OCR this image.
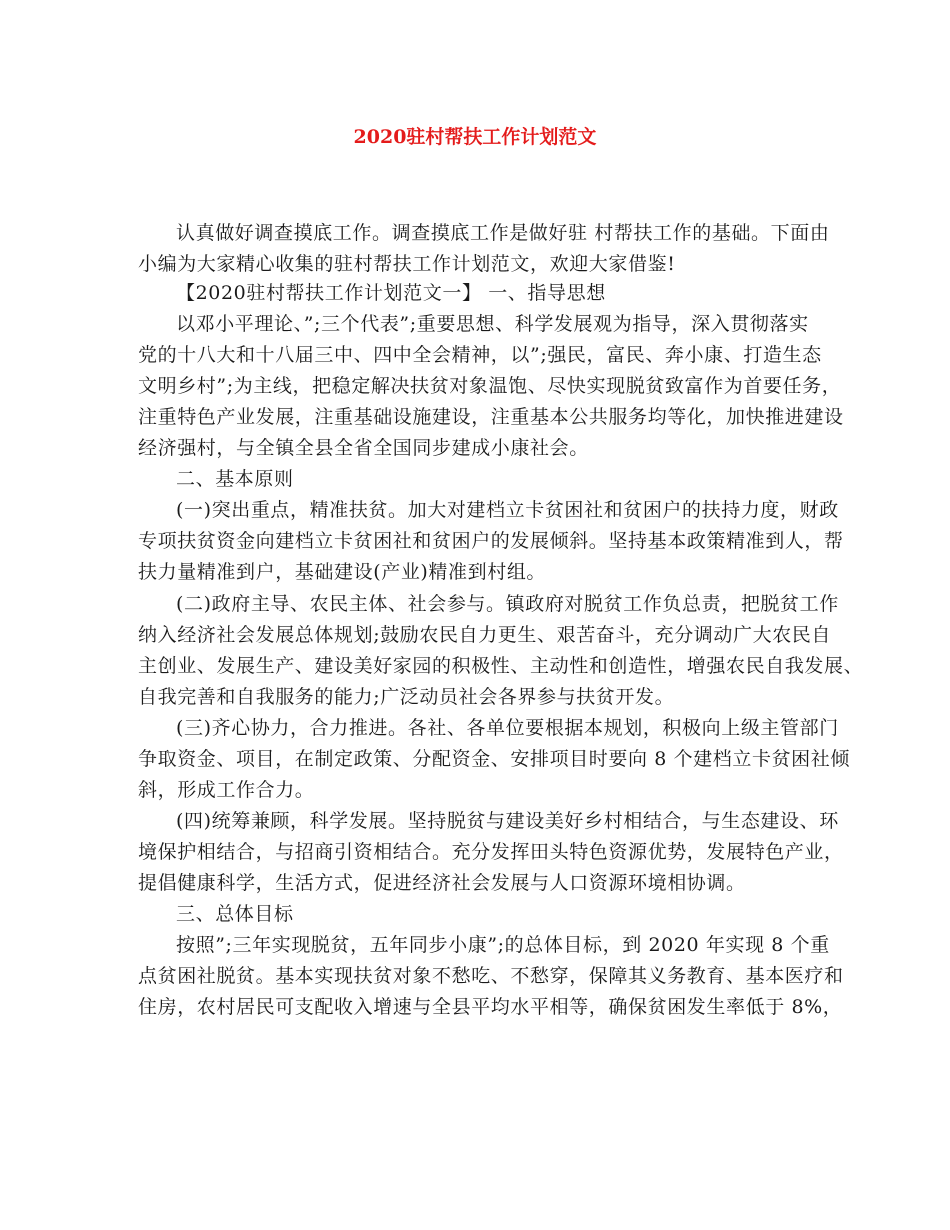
2020驻村帮扶工作计划范文
认真做好调查摸底工作。调查摸底工作是做好驻 村帮扶工作的基础。下面由
小编为大家精心收集的驻村帮扶工作计划范文，欢迎大家借鉴!
【2020驻村帮扶工作计划范文一】 一、指导思想
以邓小平理论、”;三个代表”;重要思想、科学发展观为指导，深入贯彻落实
党的十八大和十八届三中、四中全会精神，以”;强民，富民、奔小康、打造生态
文明乡村”;为主线，把稳定解决扶贫对象温饱、尽快实现脱贫致富作为首要任务，
注重特色产业发展，注重基础设施建设，注重基本公共服务均等化，加快推进建设
经济强村，与全镇全县全省全国同步建成小康社会。
二、基本原则
(一)突出重点，精准扶贫。加大对建档立卡贫困社和贫困户的扶持力度，财政
专项扶贫资金向建档立卡贫困社和贫困户的发展倾斜。坚持基本政策精准到人，帮
扶力量精准到户，基础建设(产业)精准到村组。
(二)政府主导、农民主体、社会参与。镇政府对脱贫工作负总责，把脱贫工作
纳入经济社会发展总体规划;鼓励农民自力更生、艰苦奋斗，充分调动广大农民自
主创业、发展生产、建设美好家园的积极性、主动性和创造性，增强农民自我发展、
自我完善和自我服务的能力;广泛动员社会各界参与扶贫开发。
(三)齐心协力，合力推进。各社、各单位要根据本规划，积极向上级主管部门
争取资金、项目，在制定政策、分配资金、安排项目时要向 8 个建档立卡贫困社倾
斜，形成工作合力。
(四)统筹兼顾，科学发展。坚持脱贫与建设美好乡村相结合，与生态建设、环
境保护相结合，与招商引资相结合。充分发挥田头特色资源优势，发展特色产业，
提倡健康科学，生活方式，促进经济社会发展与人口资源环境相协调。
三、总体目标
按照”;三年实现脱贫，五年同步小康”;的总体目标，到 2020 年实现 8 个重
点贫困社脱贫。基本实现扶贫对象不愁吃、不愁穿，保障其义务教育、基本医疗和
住房，农村居民可支配收入增速与全县平均水平相等，确保贫困发生率低于 8%，
